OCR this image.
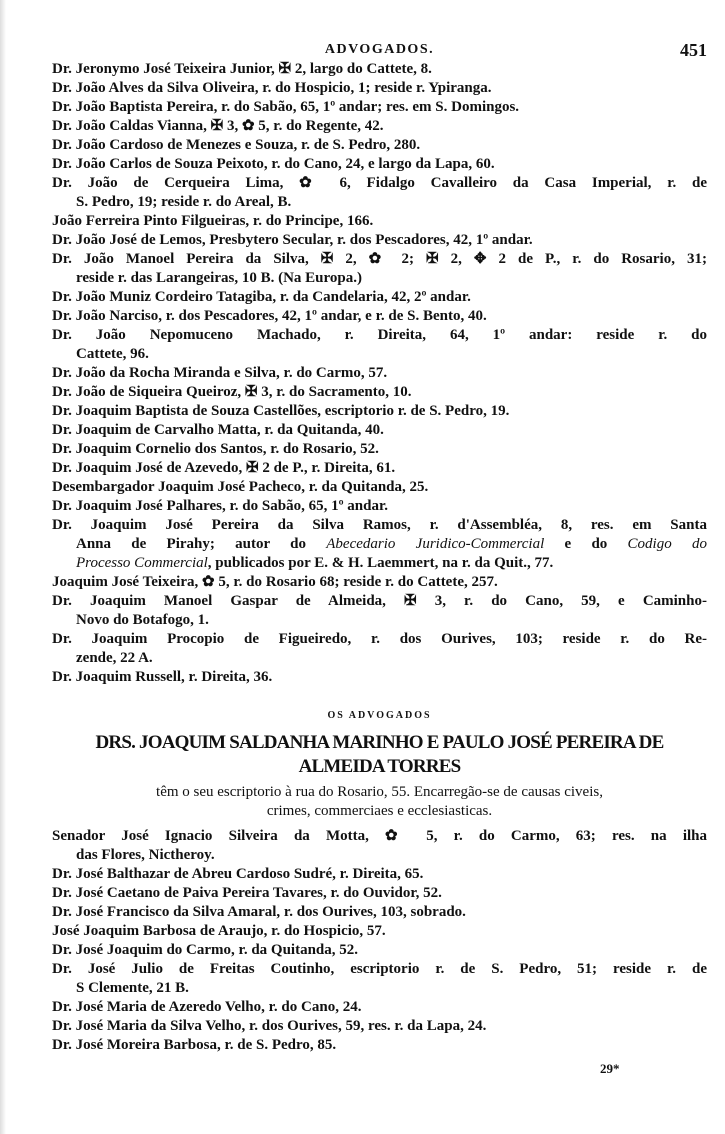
ADVOGADOS.	451
Dr. Jeronymo José Teixeira Junior, ✠ 2, largo do Cattete, 8.
Dr. João Alves da Silva Oliveira, r. do Hospicio, 1; reside r. Ypiranga.
Dr. João Baptista Pereira, r. do Sabão, 65, 1º andar; res. em S. Domingos.
Dr. João Caldas Vianna, ✠ 3, ✿ 5, r. do Regente, 42.
Dr. João Cardoso de Menezes e Souza, r. de S. Pedro, 280.
Dr. João Carlos de Souza Peixoto, r. do Cano, 24, e largo da Lapa, 60.
Dr. João de Cerqueira Lima, ✿ 6, Fidalgo Cavalleiro da Casa Imperial, r. de
S. Pedro, 19; reside r. do Areal, B.
João Ferreira Pinto Filgueiras, r. do Principe, 166.
Dr. João José de Lemos, Presbytero Secular, r. dos Pescadores, 42, 1º andar.
Dr. João Manoel Pereira da Silva, ✠ 2, ✿ 2; ✠ 2, ✥ 2 de P., r. do Rosario, 31;
reside r. das Larangeiras, 10 B. (Na Europa.)
Dr. João Muniz Cordeiro Tatagiba, r. da Candelaria, 42, 2º andar.
Dr. João Narciso, r. dos Pescadores, 42, 1º andar, e r. de S. Bento, 40.
Dr. João Nepomuceno Machado, r. Direita, 64, 1º andar: reside r. do
Cattete, 96.
Dr. João da Rocha Miranda e Silva, r. do Carmo, 57.
Dr. João de Siqueira Queiroz, ✠ 3, r. do Sacramento, 10.
Dr. Joaquim Baptista de Souza Castellões, escriptorio r. de S. Pedro, 19.
Dr. Joaquim de Carvalho Matta, r. da Quitanda, 40.
Dr. Joaquim Cornelio dos Santos, r. do Rosario, 52.
Dr. Joaquim José de Azevedo, ✠ 2 de P., r. Direita, 61.
Desembargador Joaquim José Pacheco, r. da Quitanda, 25.
Dr. Joaquim José Palhares, r. do Sabão, 65, 1º andar.
Dr. Joaquim José Pereira da Silva Ramos, r. d'Assembléa, 8, res. em Santa
Anna de Pirahy; autor do Abecedario Juridico-Commercial e do Codigo do
Processo Commercial, publicados por E. & H. Laemmert, na r. da Quit., 77.
Joaquim José Teixeira, ✿ 5, r. do Rosario 68; reside r. do Cattete, 257.
Dr. Joaquim Manoel Gaspar de Almeida, ✠ 3, r. do Cano, 59, e Caminho-
Novo do Botafogo, 1.
Dr. Joaquim Procopio de Figueiredo, r. dos Ourives, 103; reside r. do Re-
zende, 22 A.
Dr. Joaquim Russell, r. Direita, 36.
OS ADVOGADOS
DRS. JOAQUIM SALDANHA MARINHO E PAULO JOSÉ PEREIRA DE ALMEIDA TORRES
têm o seu escriptorio à rua do Rosario, 55. Encarregão-se de causas civeis,
crimes, commerciaes e ecclesiasticas.
Senador José Ignacio Silveira da Motta, ✿ 5, r. do Carmo, 63; res. na ilha
das Flores, Nictheroy.
Dr. José Balthazar de Abreu Cardoso Sudré, r. Direita, 65.
Dr. José Caetano de Paiva Pereira Tavares, r. do Ouvidor, 52.
Dr. José Francisco da Silva Amaral, r. dos Ourives, 103, sobrado.
José Joaquim Barbosa de Araujo, r. do Hospicio, 57.
Dr. José Joaquim do Carmo, r. da Quitanda, 52.
Dr. José Julio de Freitas Coutinho, escriptorio r. de S. Pedro, 51; reside r. de
S Clemente, 21 B.
Dr. José Maria de Azeredo Velho, r. do Cano, 24.
Dr. José Maria da Silva Velho, r. dos Ourives, 59, res. r. da Lapa, 24.
Dr. José Moreira Barbosa, r. de S. Pedro, 85.
29*
